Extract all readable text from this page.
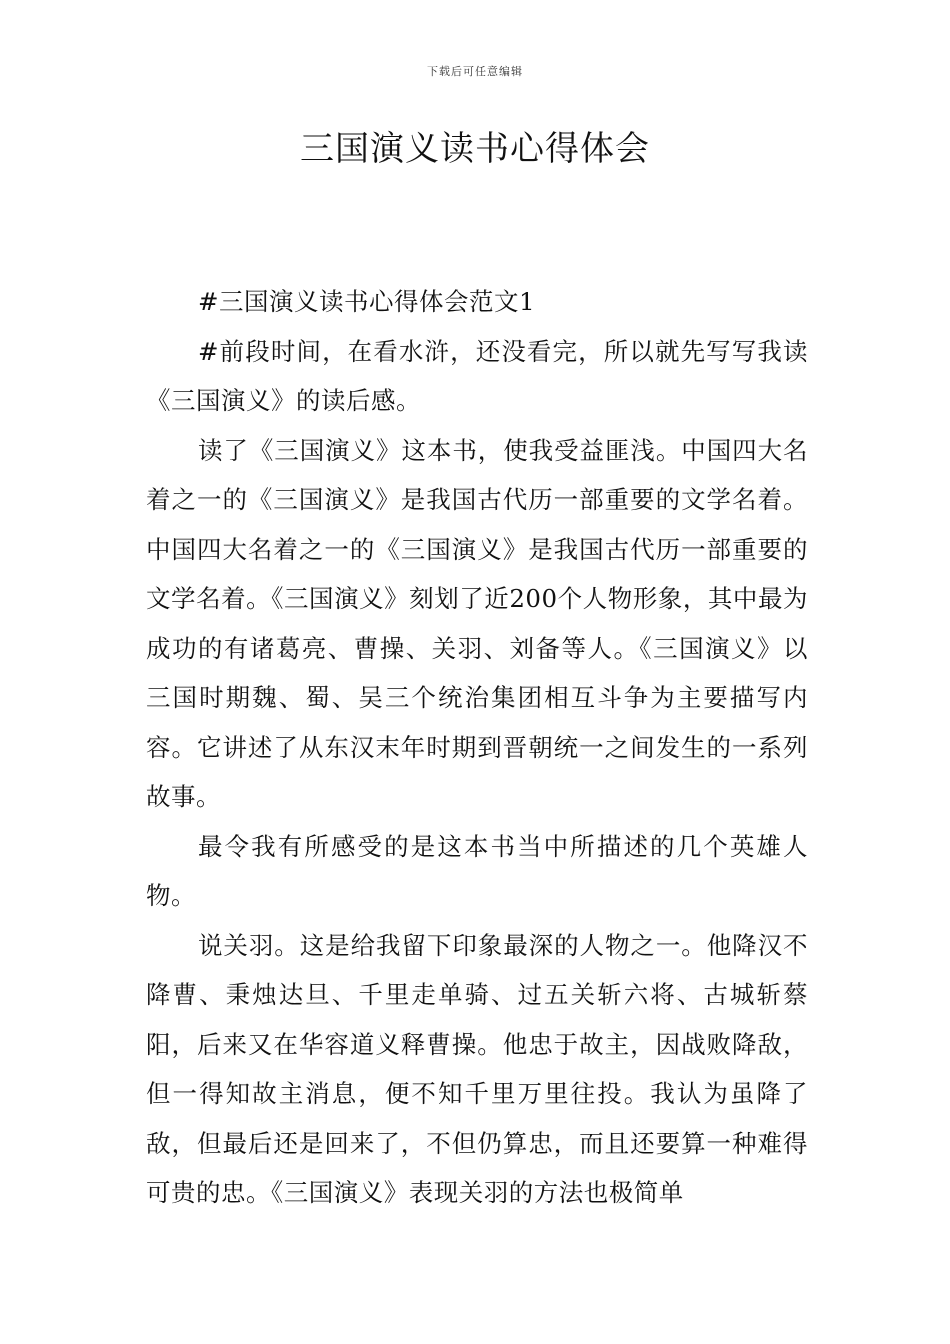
下载后可任意编辑
三国演义读书心得体会

#三国演义读书心得体会范文1

#前段时间，在看水浒，还没看完，所以就先写写我读《三国演义》的读后感。

读了《三国演义》这本书，使我受益匪浅。中国四大名着之一的《三国演义》是我国古代历一部重要的文学名着。中国四大名着之一的《三国演义》是我国古代历一部重要的文学名着。《三国演义》刻划了近200个人物形象，其中最为成功的有诸葛亮、曹操、关羽、刘备等人。《三国演义》以三国时期魏、蜀、吴三个统治集团相互斗争为主要描写内容。它讲述了从东汉末年时期到晋朝统一之间发生的一系列故事。

最令我有所感受的是这本书当中所描述的几个英雄人物。

说关羽。这是给我留下印象最深的人物之一。他降汉不降曹、秉烛达旦、千里走单骑、过五关斩六将、古城斩蔡阳，后来又在华容道义释曹操。他忠于故主，因战败降敌，但一得知故主消息，便不知千里万里往投。我认为虽降了敌，但最后还是回来了，不但仍算忠，而且还要算一种难得可贵的忠。《三国演义》表现关羽的方法也极简单
